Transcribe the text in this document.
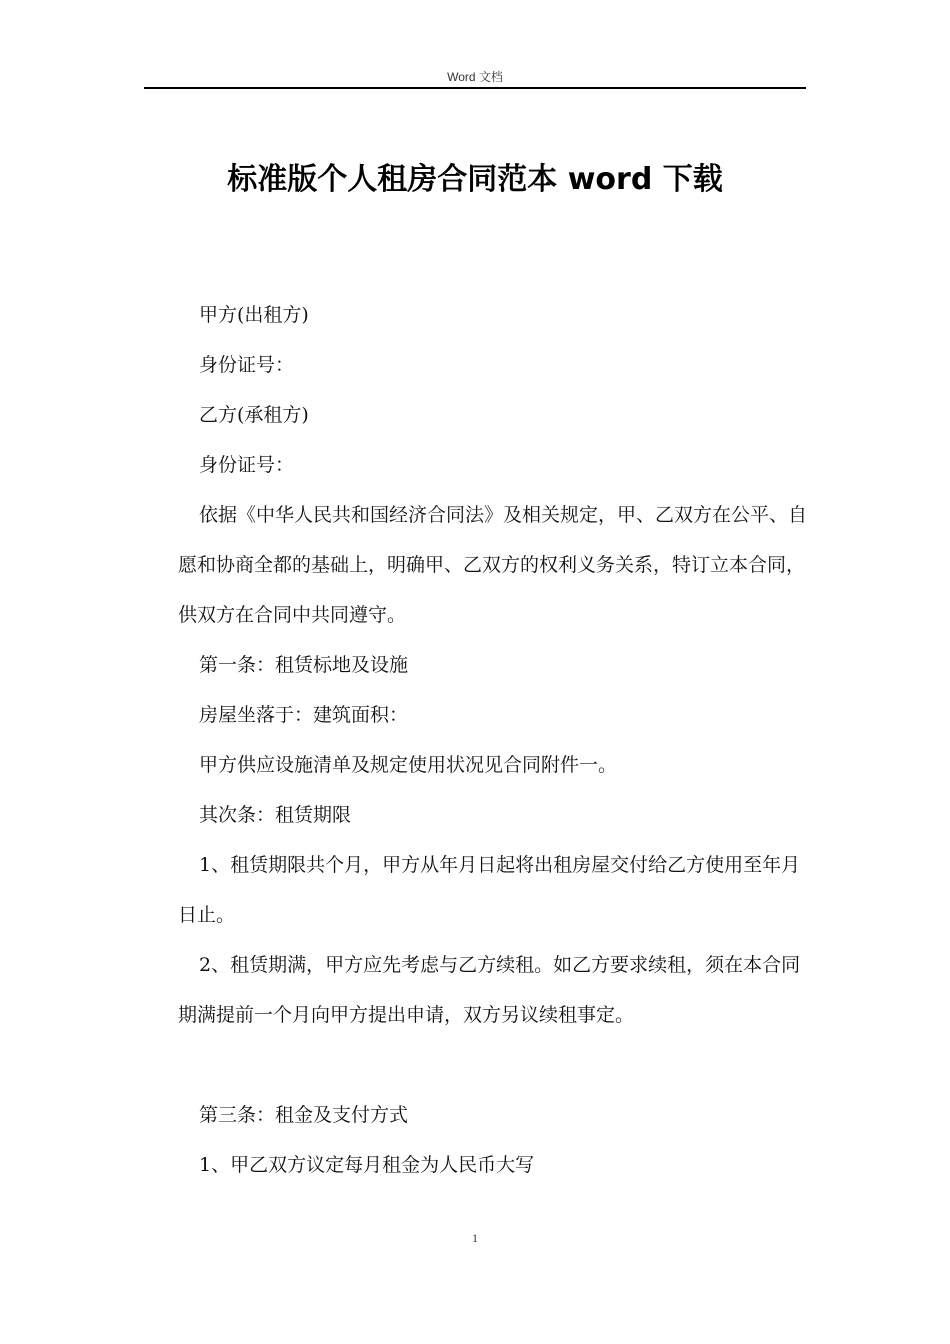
Word 文档
标准版个人租房合同范本 word 下载

甲方(出租方)

身份证号：

乙方(承租方)

身份证号：

依据《中华人民共和国经济合同法》及相关规定，甲、乙双方在公平、自愿和协商全都的基础上，明确甲、乙双方的权利义务关系，特订立本合同，供双方在合同中共同遵守。

第一条：租赁标地及设施

房屋坐落于：建筑面积：

甲方供应设施清单及规定使用状况见合同附件一。

其次条：租赁期限

1、租赁期限共个月，甲方从年月日起将出租房屋交付给乙方使用至年月日止。

2、租赁期满，甲方应先考虑与乙方续租。如乙方要求续租，须在本合同期满提前一个月向甲方提出申请，双方另议续租事定。

第三条：租金及支付方式

1、甲乙双方议定每月租金为人民币大写

1
